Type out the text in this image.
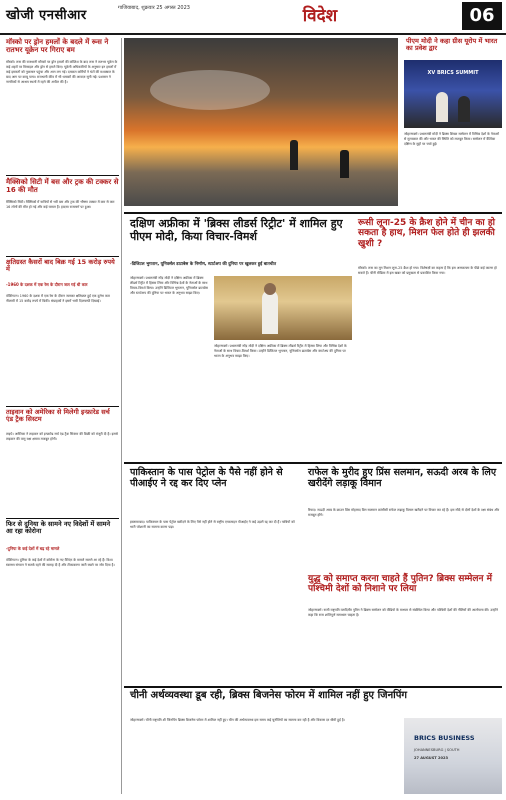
खोजी एनसीआर	गाजियाबाद, शुक्रवार 25 अगस्त 2023	विदेश	06
मॉस्को पर ड्रोन हमलों के बदले में रूस ने रातभर यूक्रेन पर गिराए बम
मॉस्को। रूस की राजधानी मॉस्को पर ड्रोन हमलों की कोशिश के बाद रूस ने रातभर यूक्रेन के कई शहरों पर मिसाइल और ड्रोन से हमले किए। यूक्रेनी अधिकारियों के अनुसार इन हमलों में कई इमारतों को नुकसान पहुंचा और आग लग गई। दमकल कर्मियों ने घंटों की मशक्कत के बाद आग पर काबू पाया। राजधानी कीव में भी धमाकों की आवाज़ सुनी गई। प्रशासन ने नागरिकों से आश्रय स्थलों में रहने की अपील की है।
पीएम मोदी ने कहा ग्रीस यूरोप में भारत का प्रवेश द्वार
XV BRICS SUMMIT
जोहान्सबर्ग। प्रधानमंत्री मोदी ने ब्रिक्स शिखर सम्मेलन में विभिन्न देशों के नेताओं से मुलाकात की और भारत की स्थिति को मजबूत किया। सम्मेलन में वैश्विक दक्षिण के मुद्दों पर चर्चा हुई।
मैक्सिको सिटी में बस और ट्रक की टक्कर से 16 की मौत
मैक्सिको सिटी। मैक्सिको में यात्रियों से भरी बस और ट्रक की भीषण टक्कर में कम से कम 16 लोगों की मौत हो गई और कई घायल हैं। हादसा राजमार्ग पर हुआ।
दक्षिण अफ्रीका में 'ब्रिक्स लीडर्स रिट्रीट' में शामिल हुए पीएम मोदी, किया विचार-विमर्श
-डिजिटल भुगतान, यूनिवर्सल डाटाबेस के निर्माण, स्टार्टअप की दुनिया पर खुलकर हुई बातचीत
जोहान्सबर्ग। प्रधानमंत्री नरेंद्र मोदी ने दक्षिण अफ्रीका में ब्रिक्स लीडर्स रिट्रीट में हिस्सा लिया और विभिन्न देशों के नेताओं के साथ विचार-विमर्श किया। उन्होंने डिजिटल भुगतान, यूनिवर्सल डाटाबेस और स्टार्टअप की दुनिया पर भारत के अनुभव साझा किए।
जोहान्सबर्ग। प्रधानमंत्री नरेंद्र मोदी ने दक्षिण अफ्रीका में ब्रिक्स लीडर्स रिट्रीट में हिस्सा लिया और विभिन्न देशों के नेताओं के साथ विचार-विमर्श किया। उन्होंने डिजिटल भुगतान, यूनिवर्सल डाटाबेस और स्टार्टअप की दुनिया पर भारत के अनुभव साझा किए।
रूसी लूना-25 के क्रैश होने में चीन का हो सकता है हाथ, मिशन फेल होते ही झलकी खुशी ?
मॉस्को। रूस का मून मिशन लूना-25 क्रैश हो गया। विशेषज्ञों का कहना है कि इस असफलता के पीछे कई कारण हो सकते हैं। चीनी मीडिया में इस खबर को प्रमुखता से प्रकाशित किया गया।
क्षतिग्रस्त कैसरों बाद बिक्र गई 15 करोड़ रुपये में
-1960 के दशक में एक रेस के दौरान जल गई थी कार
वॉशिंगटन। 1960 के दशक में एक रेस के दौरान जलकर क्षतिग्रस्त हुई एक दुर्लभ कार नीलामी में 15 करोड़ रुपये में बिकी। संग्राहकों ने इसमें भारी दिलचस्पी दिखाई।
ताइवान को अमेरिका से मिलेगी इन्फ्रारेड सर्च एंड ट्रैक सिस्टम
ताइपे। अमेरिका ने ताइवान को इन्फ्रारेड सर्च एंड ट्रैक सिस्टम की बिक्री को मंजूरी दी है। इससे ताइवान की वायु रक्षा क्षमता मजबूत होगी।
पाकिस्तान के पास पेट्रोल के पैसे नहीं होने से पीआईए ने रद्द कर दिए प्लेन
इस्लामाबाद। पाकिस्तान के पास पेट्रोल खरीदने के लिए पैसे नहीं होने से राष्ट्रीय एयरलाइन पीआईए ने कई उड़ानें रद्द कर दी हैं। यात्रियों को भारी परेशानी का सामना करना पड़ा।
राफेल के मुरीद हुए प्रिंस सलमान, सऊदी अरब के लिए खरीदेंगे लड़ाकू विमान
रियाद। सऊदी अरब के क्राउन प्रिंस मोहम्मद बिन सलमान फ्रांसीसी राफेल लड़ाकू विमान खरीदने पर विचार कर रहे हैं। इस सौदे से दोनों देशों के रक्षा संबंध और मजबूत होंगे।
युद्ध को समाप्त करना चाहते हैं पुतिन? ब्रिक्स सम्मेलन में पश्चिमी देशों को निशाने पर लिया
जोहान्सबर्ग। रूसी राष्ट्रपति व्लादिमीर पुतिन ने ब्रिक्स सम्मेलन को वीडियो के माध्यम से संबोधित किया और पश्चिमी देशों की नीतियों की आलोचना की। उन्होंने कहा कि रूस शांतिपूर्ण समाधान चाहता है।
फिर से दुनिया के सामने नए विदेशों में सामने आ रहा कोरोना
-दुनिया के कई देशों में बढ़ रहे मामले
वॉशिंगटन। दुनिया के कई देशों में कोरोना के नए वैरिएंट के मामले सामने आ रहे हैं। विश्व स्वास्थ्य संगठन ने सतर्क रहने की सलाह दी है और टीकाकरण जारी रखने पर जोर दिया है।
चीनी अर्थव्यवस्था डूब रही, ब्रिक्स बिजनेस फोरम में शामिल नहीं हुए जिनपिंग
जोहान्सबर्ग। चीनी राष्ट्रपति शी जिनपिंग ब्रिक्स बिजनेस फोरम में शामिल नहीं हुए। चीन की अर्थव्यवस्था इस समय कई चुनौतियों का सामना कर रही है और विकास दर धीमी हुई है।
BRICS BUSINESS
JOHANNESBURG | SOUTH
27 AUGUST 2023
